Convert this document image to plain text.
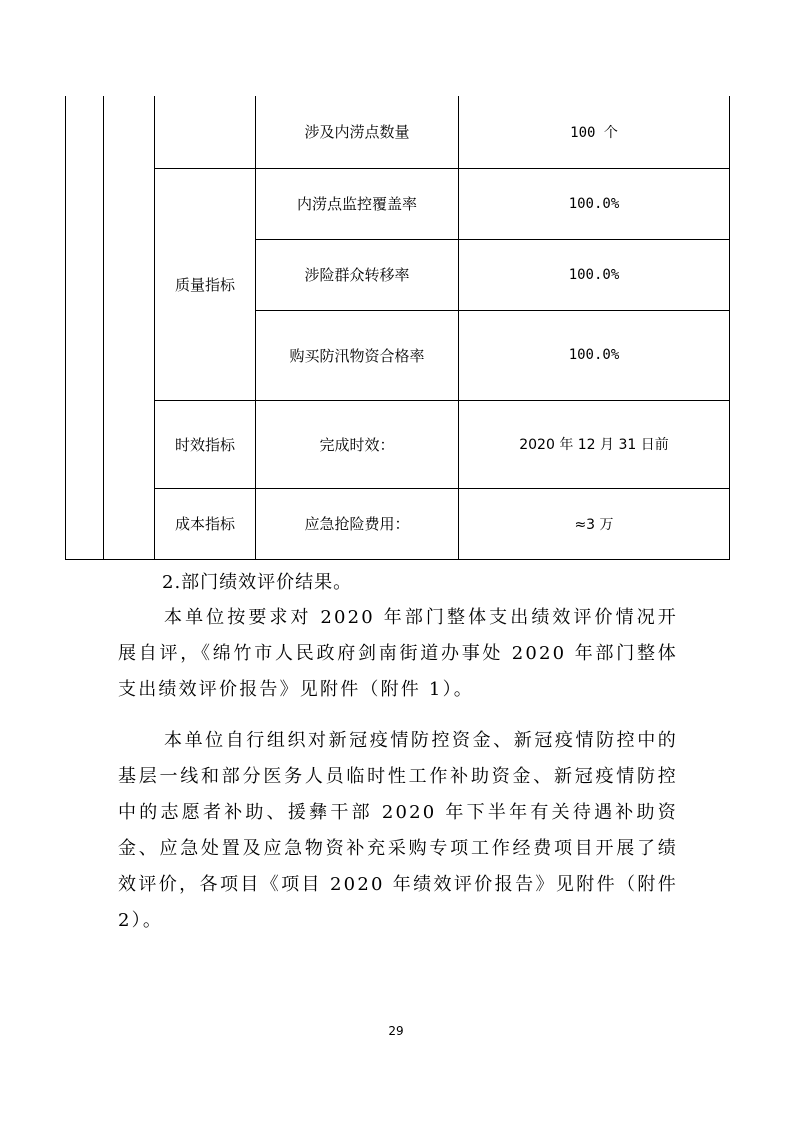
			涉及内涝点数量	100 个
		质量指标	内涝点监控覆盖率	100.0%
			涉险群众转移率	100.0%
			购买防汛物资合格率	100.0%
		时效指标	完成时效：	2020 年 12 月 31 日前
		成本指标	应急抢险费用：	≈3 万
2.部门绩效评价结果。

本单位按要求对 2020 年部门整体支出绩效评价情况开展自评，《绵竹市人民政府剑南街道办事处 2020 年部门整体支出绩效评价报告》见附件（附件 1）。

本单位自行组织对新冠疫情防控资金、新冠疫情防控中的基层一线和部分医务人员临时性工作补助资金、新冠疫情防控中的志愿者补助、援彝干部 2020 年下半年有关待遇补助资金、应急处置及应急物资补充采购专项工作经费项目开展了绩效评价，各项目《项目 2020 年绩效评价报告》见附件（附件 2）。

29
